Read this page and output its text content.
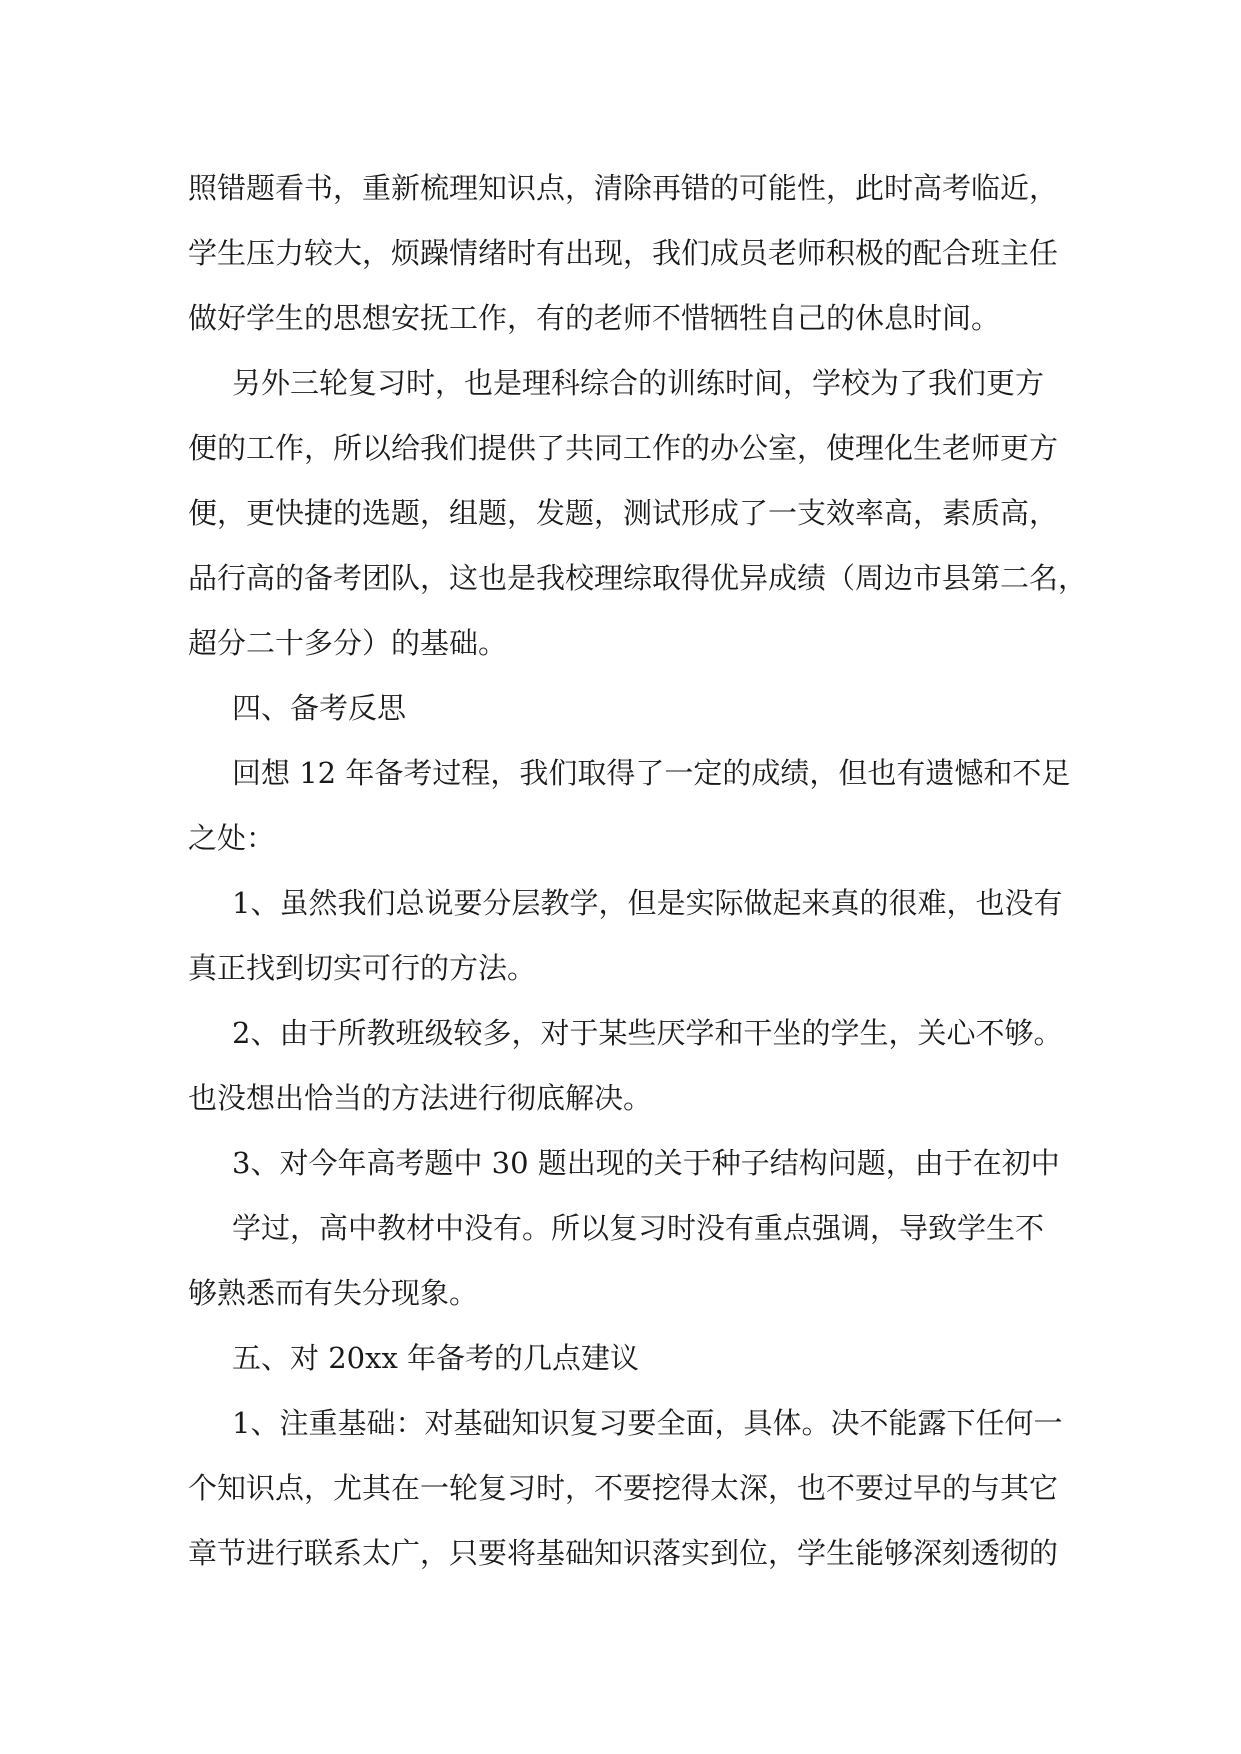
照错题看书，重新梳理知识点，清除再错的可能性，此时高考临近，
学生压力较大，烦躁情绪时有出现，我们成员老师积极的配合班主任
做好学生的思想安抚工作，有的老师不惜牺牲自己的休息时间。
另外三轮复习时，也是理科综合的训练时间，学校为了我们更方
便的工作，所以给我们提供了共同工作的办公室，使理化生老师更方
便，更快捷的选题，组题，发题，测试形成了一支效率高，素质高，
品行高的备考团队，这也是我校理综取得优异成绩（周边市县第二名，
超分二十多分）的基础。
四、备考反思
回想 12 年备考过程，我们取得了一定的成绩，但也有遗憾和不足
之处：
1、虽然我们总说要分层教学，但是实际做起来真的很难，也没有
真正找到切实可行的方法。
2、由于所教班级较多，对于某些厌学和干坐的学生，关心不够。
也没想出恰当的方法进行彻底解决。
3、对今年高考题中 30 题出现的关于种子结构问题，由于在初中
学过，高中教材中没有。所以复习时没有重点强调，导致学生不
够熟悉而有失分现象。
五、对 20xx 年备考的几点建议
1、注重基础：对基础知识复习要全面，具体。决不能露下任何一
个知识点，尤其在一轮复习时，不要挖得太深，也不要过早的与其它
章节进行联系太广，只要将基础知识落实到位，学生能够深刻透彻的
